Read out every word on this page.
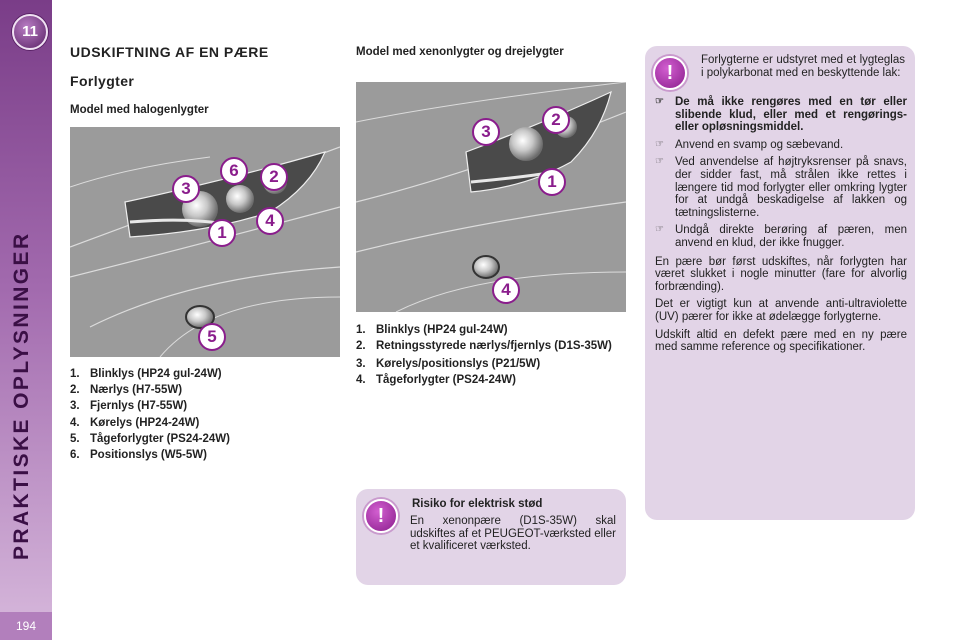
11
PRAKTISKE OPLYSNINGER
194
UDSKIFTNING AF EN PÆRE
Forlygter
Model med halogenlygter
Model med xenonlygter og drejelygter
6	2
3
4
1
5
3
2
1
4
1. Blinklys (HP24 gul-24W)
2. Nærlys (H7-55W)
3. Fjernlys (H7-55W)
4. Kørelys (HP24-24W)
5. Tågeforlygter (PS24-24W)
6. Positionslys (W5-5W)
1. Blinklys (HP24 gul-24W)
2. Retningsstyrede nærlys/fjernlys (D1S-35W)
3. Kørelys/positionslys (P21/5W)
4. Tågeforlygter (PS24-24W)
!
Risiko for elektrisk stød
En xenonpære (D1S-35W) skal udskiftes af et PEUGEOT-værksted eller et kvalificeret værksted.
!
Forlygterne er udstyret med et lygteglas i polykarbonat med en beskyttende lak:
☞ De må ikke rengøres med en tør eller slibende klud, eller med et rengørings- eller opløsningsmiddel.
☞ Anvend en svamp og sæbevand.
☞ Ved anvendelse af højtryksrenser på snavs, der sidder fast, må strålen ikke rettes i længere tid mod forlygter eller omkring lygter for at undgå beskadigelse af lakken og tætningslisterne.
☞ Undgå direkte berøring af pæren, men anvend en klud, der ikke fnugger.
En pære bør først udskiftes, når forlygten har været slukket i nogle minutter (fare for alvorlig forbrænding).
Det er vigtigt kun at anvende anti-ultraviolette (UV) pærer for ikke at ødelægge forlygterne.
Udskift altid en defekt pære med en ny pære med samme reference og specifikationer.
